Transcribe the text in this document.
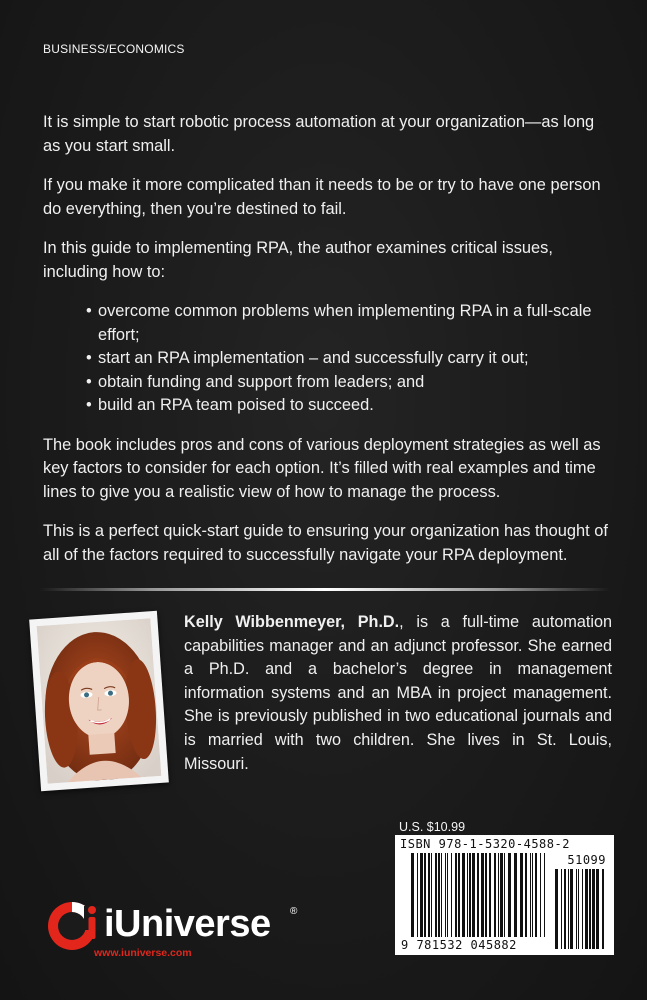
BUSINESS/ECONOMICS

It is simple to start robotic process automation at your organization—as long as you start small.

If you make it more complicated than it needs to be or try to have one person do everything, then you’re destined to fail.

In this guide to implementing RPA, the author examines critical issues, including how to:

• overcome common problems when implementing RPA in a full-scale effort;
• start an RPA implementation – and successfully carry it out;
• obtain funding and support from leaders; and
• build an RPA team poised to succeed.

The book includes pros and cons of various deployment strategies as well as key factors to consider for each option. It’s filled with real examples and time lines to give you a realistic view of how to manage the process.

This is a perfect quick-start guide to ensuring your organization has thought of all of the factors required to successfully navigate your RPA deployment.

Kelly Wibbenmeyer, Ph.D., is a full-time automation capabilities manager and an adjunct professor. She earned a Ph.D. and a bachelor’s degree in management information systems and an MBA in project management. She is previously published in two educational journals and is married with two children. She lives in St. Louis, Missouri.
U.S. $10.99
ISBN 978-1-5320-4588-2
51099
9 781532 045882
iUniverse ®
www.iuniverse.com
